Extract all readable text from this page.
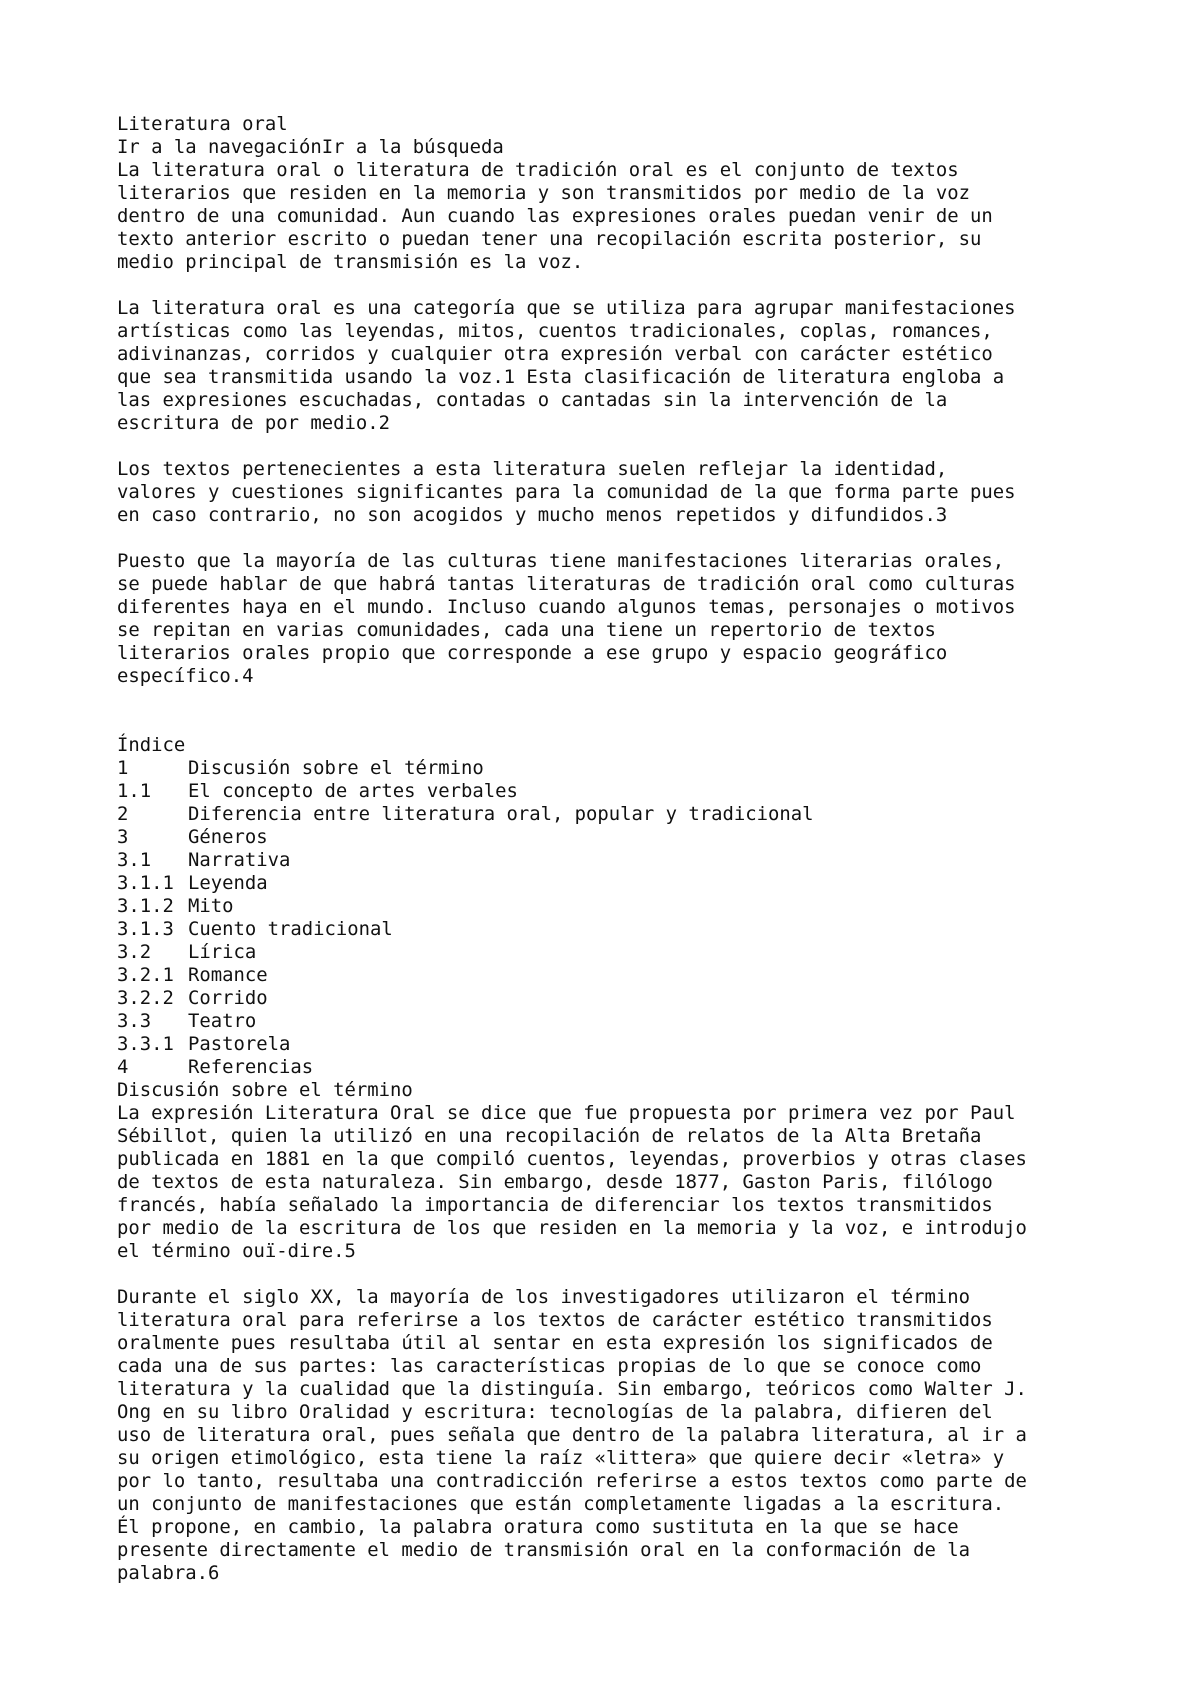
Literatura oral
Ir a la navegaciónIr a la búsqueda
La literatura oral o literatura de tradición oral es el conjunto de textos
literarios que residen en la memoria y son transmitidos por medio de la voz
dentro de una comunidad. Aun cuando las expresiones orales puedan venir de un
texto anterior escrito o puedan tener una recopilación escrita posterior, su
medio principal de transmisión es la voz.
La literatura oral es una categoría que se utiliza para agrupar manifestaciones
artísticas como las leyendas, mitos, cuentos tradicionales, coplas, romances,
adivinanzas, corridos y cualquier otra expresión verbal con carácter estético
que sea transmitida usando la voz.1 Esta clasificación de literatura engloba a
las expresiones escuchadas, contadas o cantadas sin la intervención de la
escritura de por medio.2
Los textos pertenecientes a esta literatura suelen reflejar la identidad,
valores y cuestiones significantes para la comunidad de la que forma parte pues
en caso contrario, no son acogidos y mucho menos repetidos y difundidos.3
Puesto que la mayoría de las culturas tiene manifestaciones literarias orales,
se puede hablar de que habrá tantas literaturas de tradición oral como culturas
diferentes haya en el mundo. Incluso cuando algunos temas, personajes o motivos
se repitan en varias comunidades, cada una tiene un repertorio de textos
literarios orales propio que corresponde a ese grupo y espacio geográfico
específico.4
Índice
1	Discusión sobre el término
1.1	El concepto de artes verbales
2	Diferencia entre literatura oral, popular y tradicional
3	Géneros
3.1	Narrativa
3.1.1 Leyenda
3.1.2 Mito
3.1.3 Cuento tradicional
3.2	Lírica
3.2.1 Romance
3.2.2 Corrido
3.3	Teatro
3.3.1 Pastorela
4	Referencias
Discusión sobre el término
La expresión Literatura Oral se dice que fue propuesta por primera vez por Paul
Sébillot, quien la utilizó en una recopilación de relatos de la Alta Bretaña
publicada en 1881 en la que compiló cuentos, leyendas, proverbios y otras clases
de textos de esta naturaleza. Sin embargo, desde 1877, Gaston Paris, filólogo
francés, había señalado la importancia de diferenciar los textos transmitidos
por medio de la escritura de los que residen en la memoria y la voz, e introdujo
el término ouï-dire.5
Durante el siglo XX, la mayoría de los investigadores utilizaron el término
literatura oral para referirse a los textos de carácter estético transmitidos
oralmente pues resultaba útil al sentar en esta expresión los significados de
cada una de sus partes: las características propias de lo que se conoce como
literatura y la cualidad que la distinguía. Sin embargo, teóricos como Walter J.
Ong en su libro Oralidad y escritura: tecnologías de la palabra, difieren del
uso de literatura oral, pues señala que dentro de la palabra literatura, al ir a
su origen etimológico, esta tiene la raíz «littera» que quiere decir «letra» y
por lo tanto, resultaba una contradicción referirse a estos textos como parte de
un conjunto de manifestaciones que están completamente ligadas a la escritura.
Él propone, en cambio, la palabra oratura como sustituta en la que se hace
presente directamente el medio de transmisión oral en la conformación de la
palabra.6
